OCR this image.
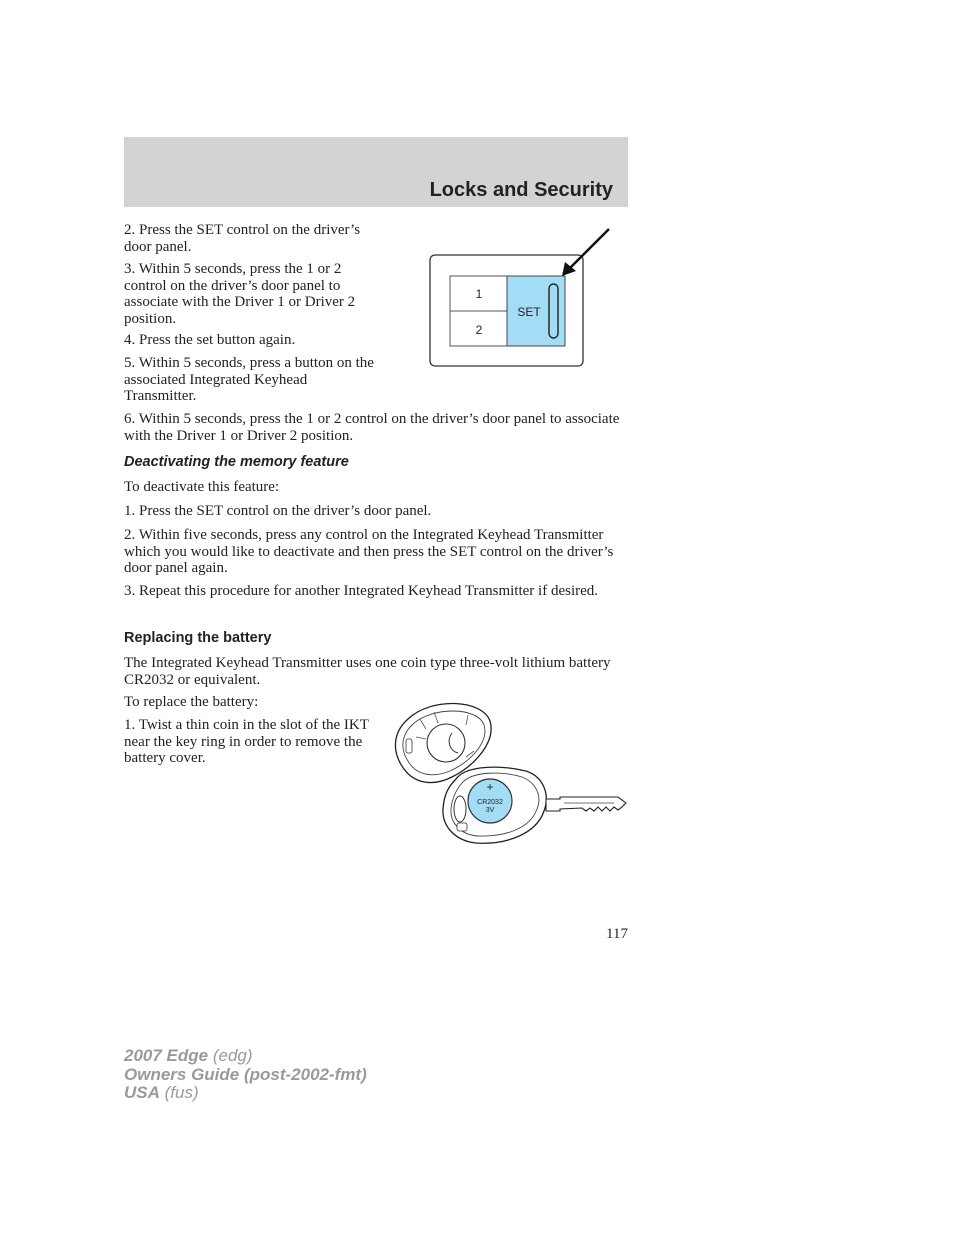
Locks and Security

2. Press the SET control on the driver’s door panel.

3. Within 5 seconds, press the 1 or 2 control on the driver’s door panel to associate with the Driver 1 or Driver 2 position.

4. Press the set button again.

5. Within 5 seconds, press a button on the associated Integrated Keyhead Transmitter.

6. Within 5 seconds, press the 1 or 2 control on the driver’s door panel to associate with the Driver 1 or Driver 2 position.

1
2
SET
Deactivating the memory feature

To deactivate this feature:

1. Press the SET control on the driver’s door panel.

2. Within five seconds, press any control on the Integrated Keyhead Transmitter which you would like to deactivate and then press the SET control on the driver’s door panel again.

3. Repeat this procedure for another Integrated Keyhead Transmitter if desired.

Replacing the battery

The Integrated Keyhead Transmitter uses one coin type three-volt lithium battery CR2032 or equivalent.

To replace the battery:

1. Twist a thin coin in the slot of the IKT near the key ring in order to remove the battery cover.

+
CR2032
3V
117
2007 Edge (edg)
Owners Guide (post-2002-fmt)
USA (fus)
